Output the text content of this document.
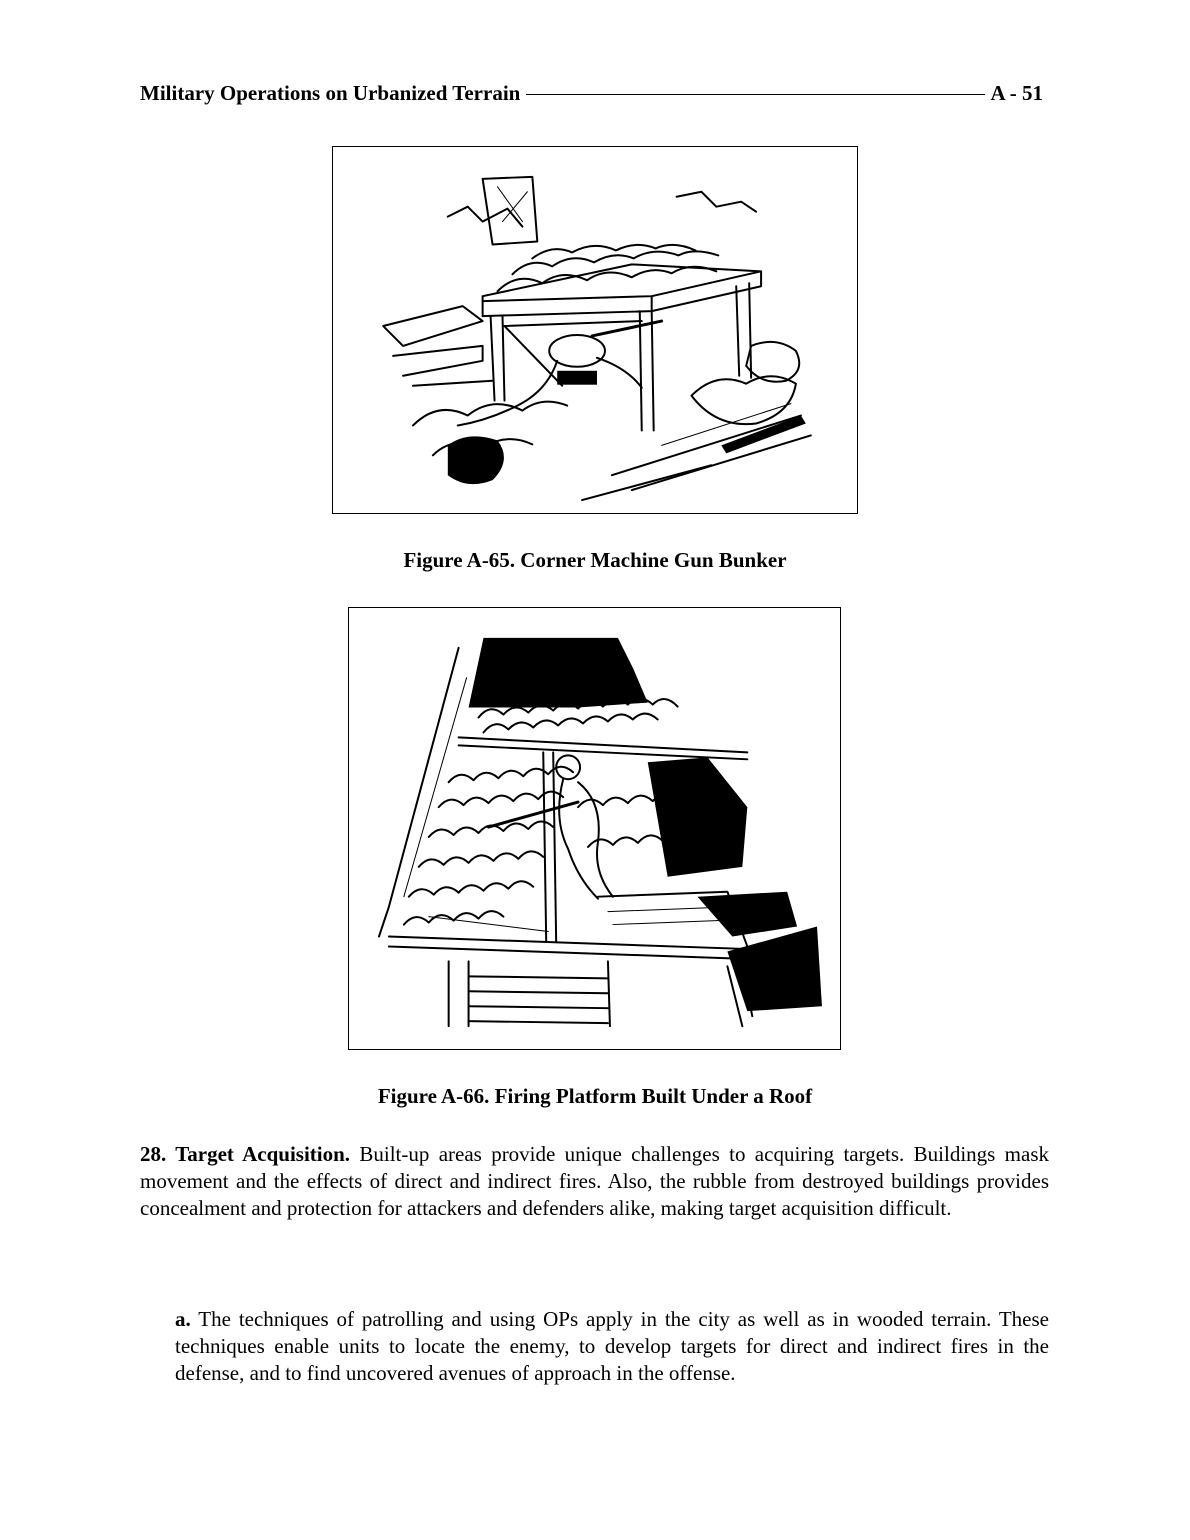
Military Operations on Urbanized Terrain	A - 51
Figure A-65. Corner Machine Gun Bunker
Figure A-66. Firing Platform Built Under a Roof
28. Target Acquisition. Built-up areas provide unique challenges to acquiring targets. Buildings mask movement and the effects of direct and indirect fires. Also, the rubble from destroyed buildings provides concealment and protection for attackers and defenders alike, making target acquisition difficult.
a. The techniques of patrolling and using OPs apply in the city as well as in wooded terrain. These techniques enable units to locate the enemy, to develop targets for direct and indirect fires in the defense, and to find uncovered avenues of approach in the offense.
